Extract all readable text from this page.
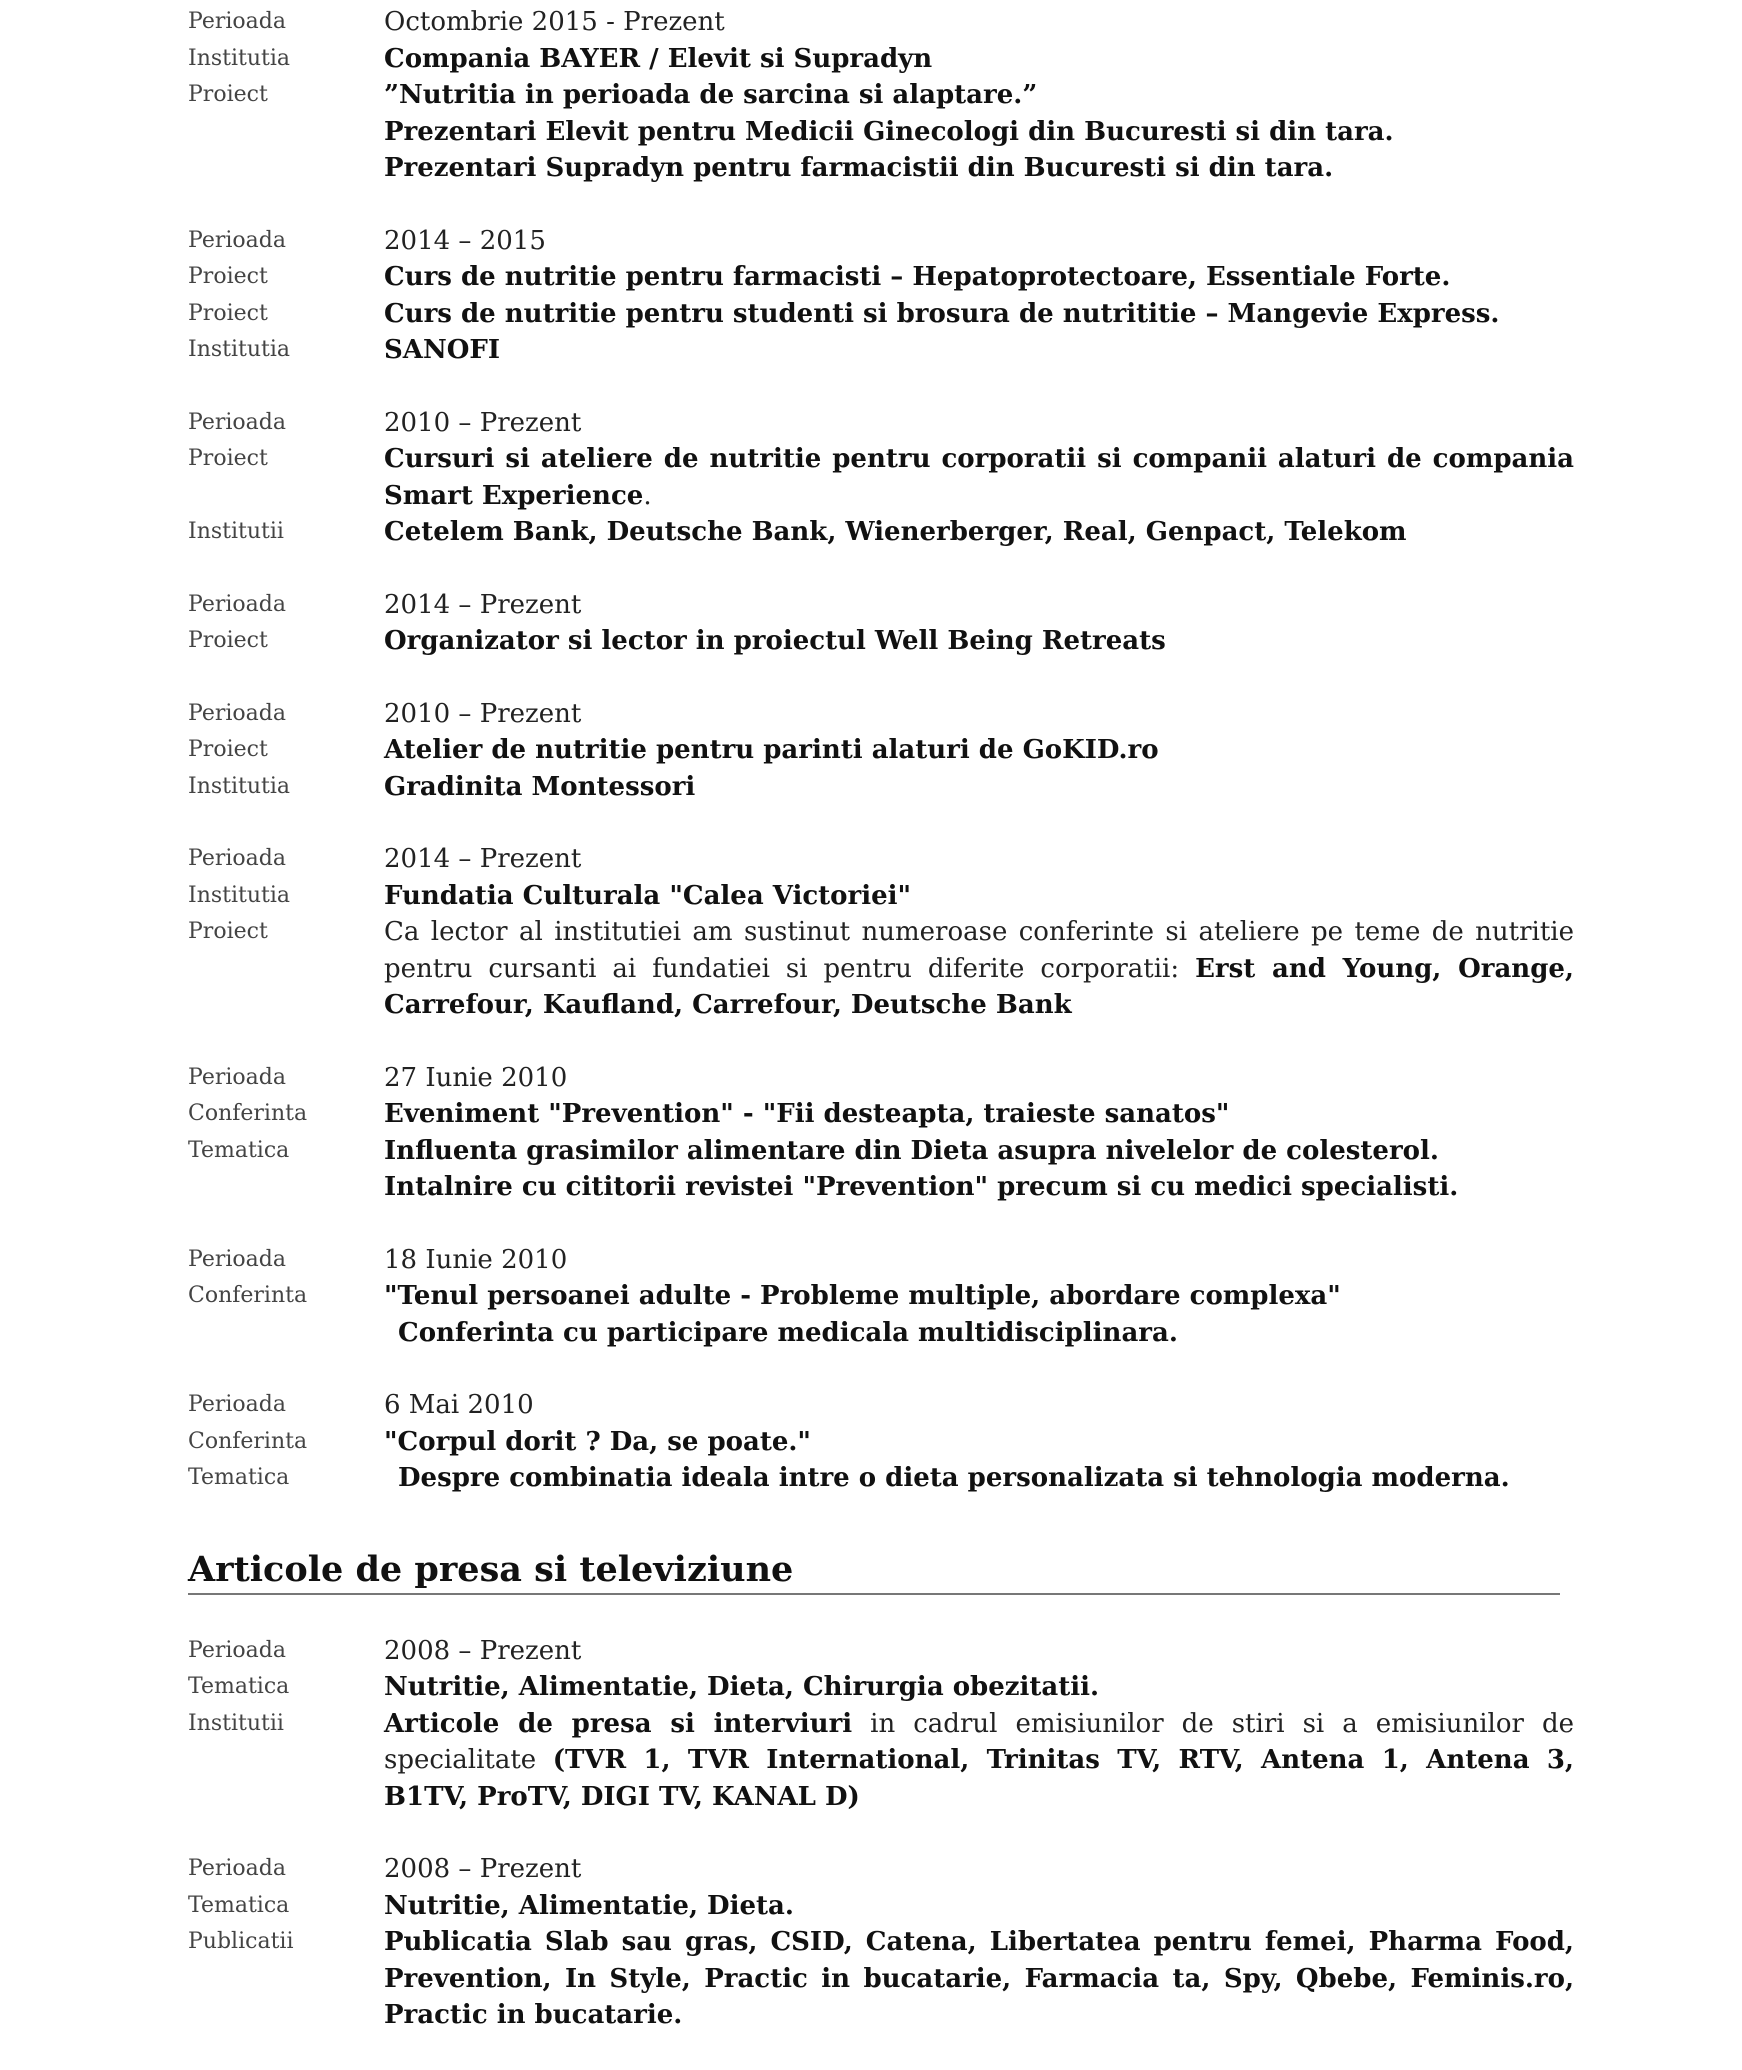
Perioada	Octombrie 2015 - Prezent
Institutia	Compania BAYER / Elevit si Supradyn
Proiect	”Nutritia in perioada de sarcina si alaptare.”
Prezentari Elevit pentru Medicii Ginecologi din Bucuresti si din tara.
Prezentari Supradyn pentru farmacistii din Bucuresti si din tara.
Perioada	2014 – 2015
Proiect	Curs de nutritie pentru farmacisti – Hepatoprotectoare, Essentiale Forte.
Proiect	Curs de nutritie pentru studenti si brosura de nutrititie – Mangevie Express.
Institutia	SANOFI
Perioada	2010 – Prezent
Proiect	Cursuri si ateliere de nutritie pentru corporatii si companii alaturi de compania Smart Experience.
Institutii	Cetelem Bank, Deutsche Bank, Wienerberger, Real, Genpact, Telekom
Perioada	2014 – Prezent
Proiect	Organizator si lector in proiectul Well Being Retreats
Perioada	2010 – Prezent
Proiect	Atelier de nutritie pentru parinti alaturi de GoKID.ro
Institutia	Gradinita Montessori
Perioada	2014 – Prezent
Institutia	Fundatia Culturala "Calea Victoriei"
Proiect	Ca lector al institutiei am sustinut numeroase conferinte si ateliere pe teme de nutritie pentru cursanti ai fundatiei si pentru diferite corporatii: Erst and Young, Orange, Carrefour, Kaufland, Carrefour, Deutsche Bank
Perioada	27 Iunie 2010
Conferinta	Eveniment "Prevention" - "Fii desteapta, traieste sanatos"
Tematica	Influenta grasimilor alimentare din Dieta asupra nivelelor de colesterol.
Intalnire cu cititorii revistei "Prevention" precum si cu medici specialisti.
Perioada	18 Iunie 2010
Conferinta	"Tenul persoanei adulte - Probleme multiple, abordare complexa"
Conferinta cu participare medicala multidisciplinara.
Perioada	6 Mai 2010
Conferinta	"Corpul dorit ? Da, se poate."
Tematica	Despre combinatia ideala intre o dieta personalizata si tehnologia moderna.
Articole de presa si televiziune
Perioada	2008 – Prezent
Tematica	Nutritie, Alimentatie, Dieta, Chirurgia obezitatii.
Institutii	Articole de presa si interviuri in cadrul emisiunilor de stiri si a emisiunilor de specialitate (TVR 1, TVR International, Trinitas TV, RTV, Antena 1, Antena 3, B1TV, ProTV, DIGI TV, KANAL D)
Perioada	2008 – Prezent
Tematica	Nutritie, Alimentatie, Dieta.
Publicatii	Publicatia Slab sau gras, CSID, Catena, Libertatea pentru femei, Pharma Food, Prevention, In Style, Practic in bucatarie, Farmacia ta, Spy, Qbebe, Feminis.ro, Practic in bucatarie.
